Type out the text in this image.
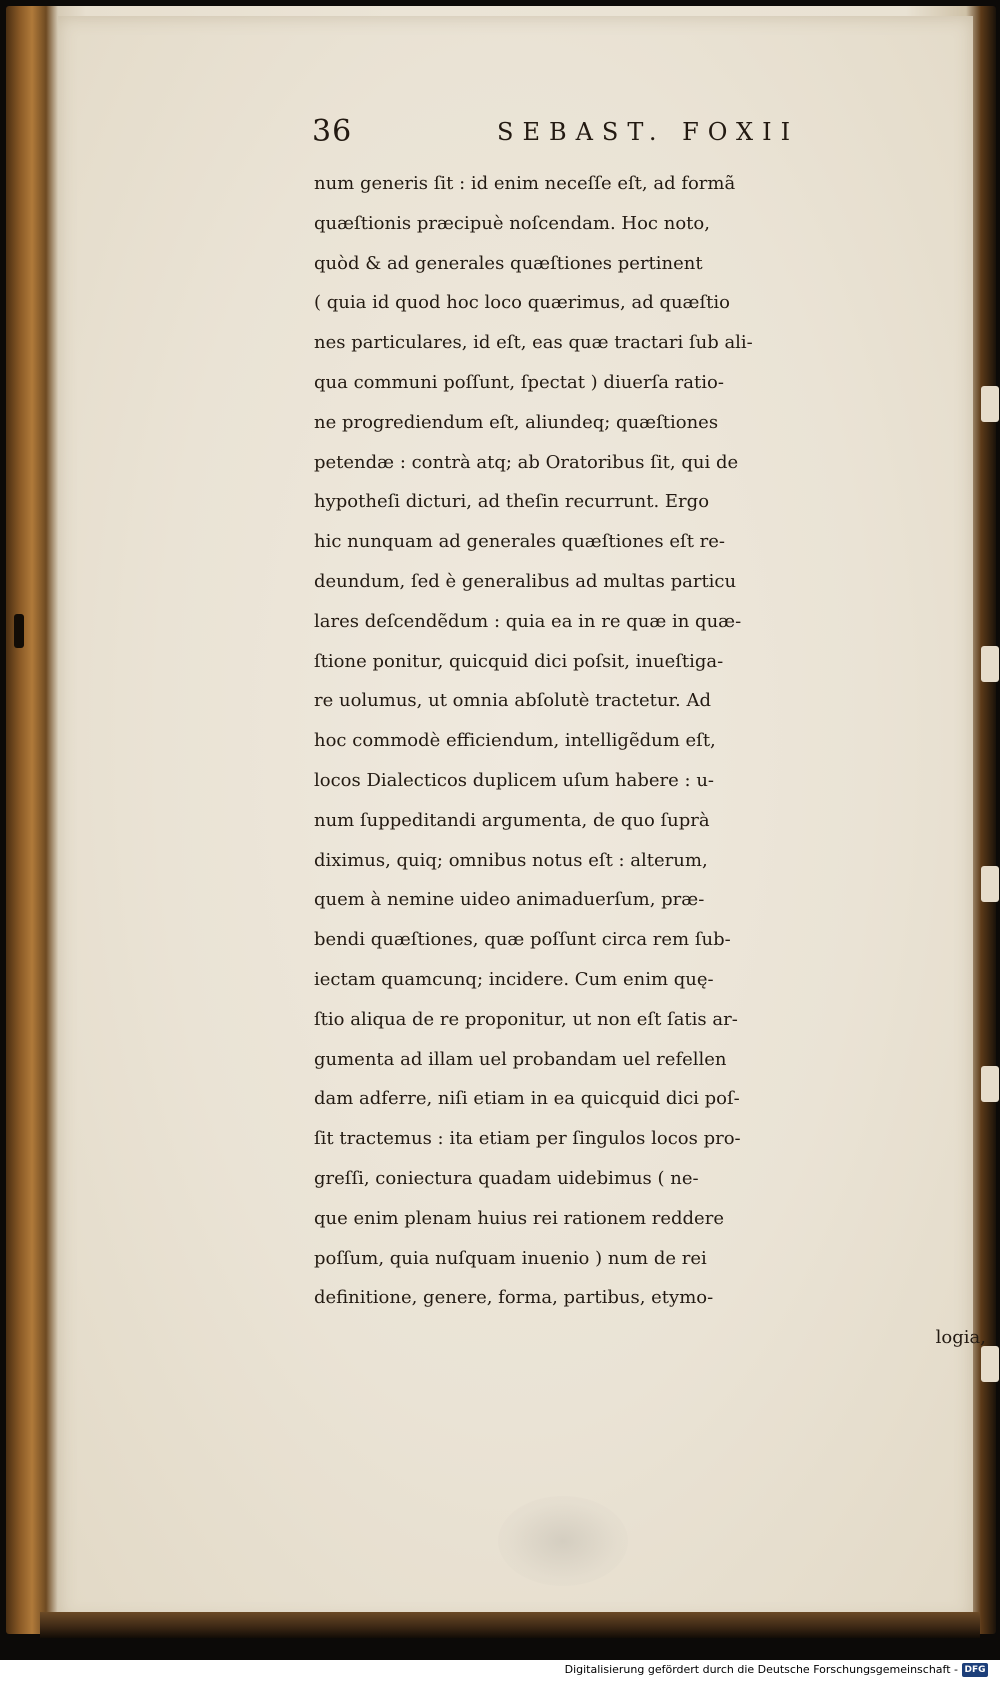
36	SEBAST. FOXII
num generis ſit : id enim neceſſe eſt, ad formã
quæſtionis præcipuè noſcendam. Hoc noto,
quòd & ad generales quæſtiones pertinent
( quia id quod hoc loco quærimus, ad quæſtio
nes particulares, id eſt, eas quæ tractari ſub ali-
qua communi poſſunt, ſpectat ) diuerſa ratio-
ne progrediendum eſt, aliundeq; quæſtiones
petendæ : contrà atq; ab Oratoribus ſit, qui de
hypotheſi dicturi, ad theſin recurrunt. Ergo
hic nunquam ad generales quæſtiones eſt re-
deundum, ſed è generalibus ad multas particu
lares deſcendẽdum : quia ea in re quæ in quæ-
ſtione ponitur, quicquid dici poſsit, inueſtiga-
re uolumus, ut omnia abſolutè tractetur. Ad
hoc commodè efficiendum, intelligẽdum eſt,
locos Dialecticos duplicem uſum habere : u-
num ſuppeditandi argumenta, de quo ſuprà
diximus, quiq; omnibus notus eſt : alterum,
quem à nemine uideo animaduerſum, præ-
bendi quæſtiones, quæ poſſunt circa rem ſub-
iectam quamcunq; incidere. Cum enim quę-
ſtio aliqua de re proponitur, ut non eſt ſatis ar-
gumenta ad illam uel probandam uel refellen
dam adferre, niſi etiam in ea quicquid dici poſ-
ſit tractemus : ita etiam per ſingulos locos pro-
greſſi, coniectura quadam uidebimus ( ne-
que enim plenam huius rei rationem reddere
poſſum, quia nuſquam inuenio ) num de rei
definitione, genere, forma, partibus, etymo-
logia,
Digitalisierung gefördert durch die Deutsche Forschungsgemeinschaft - DFG
